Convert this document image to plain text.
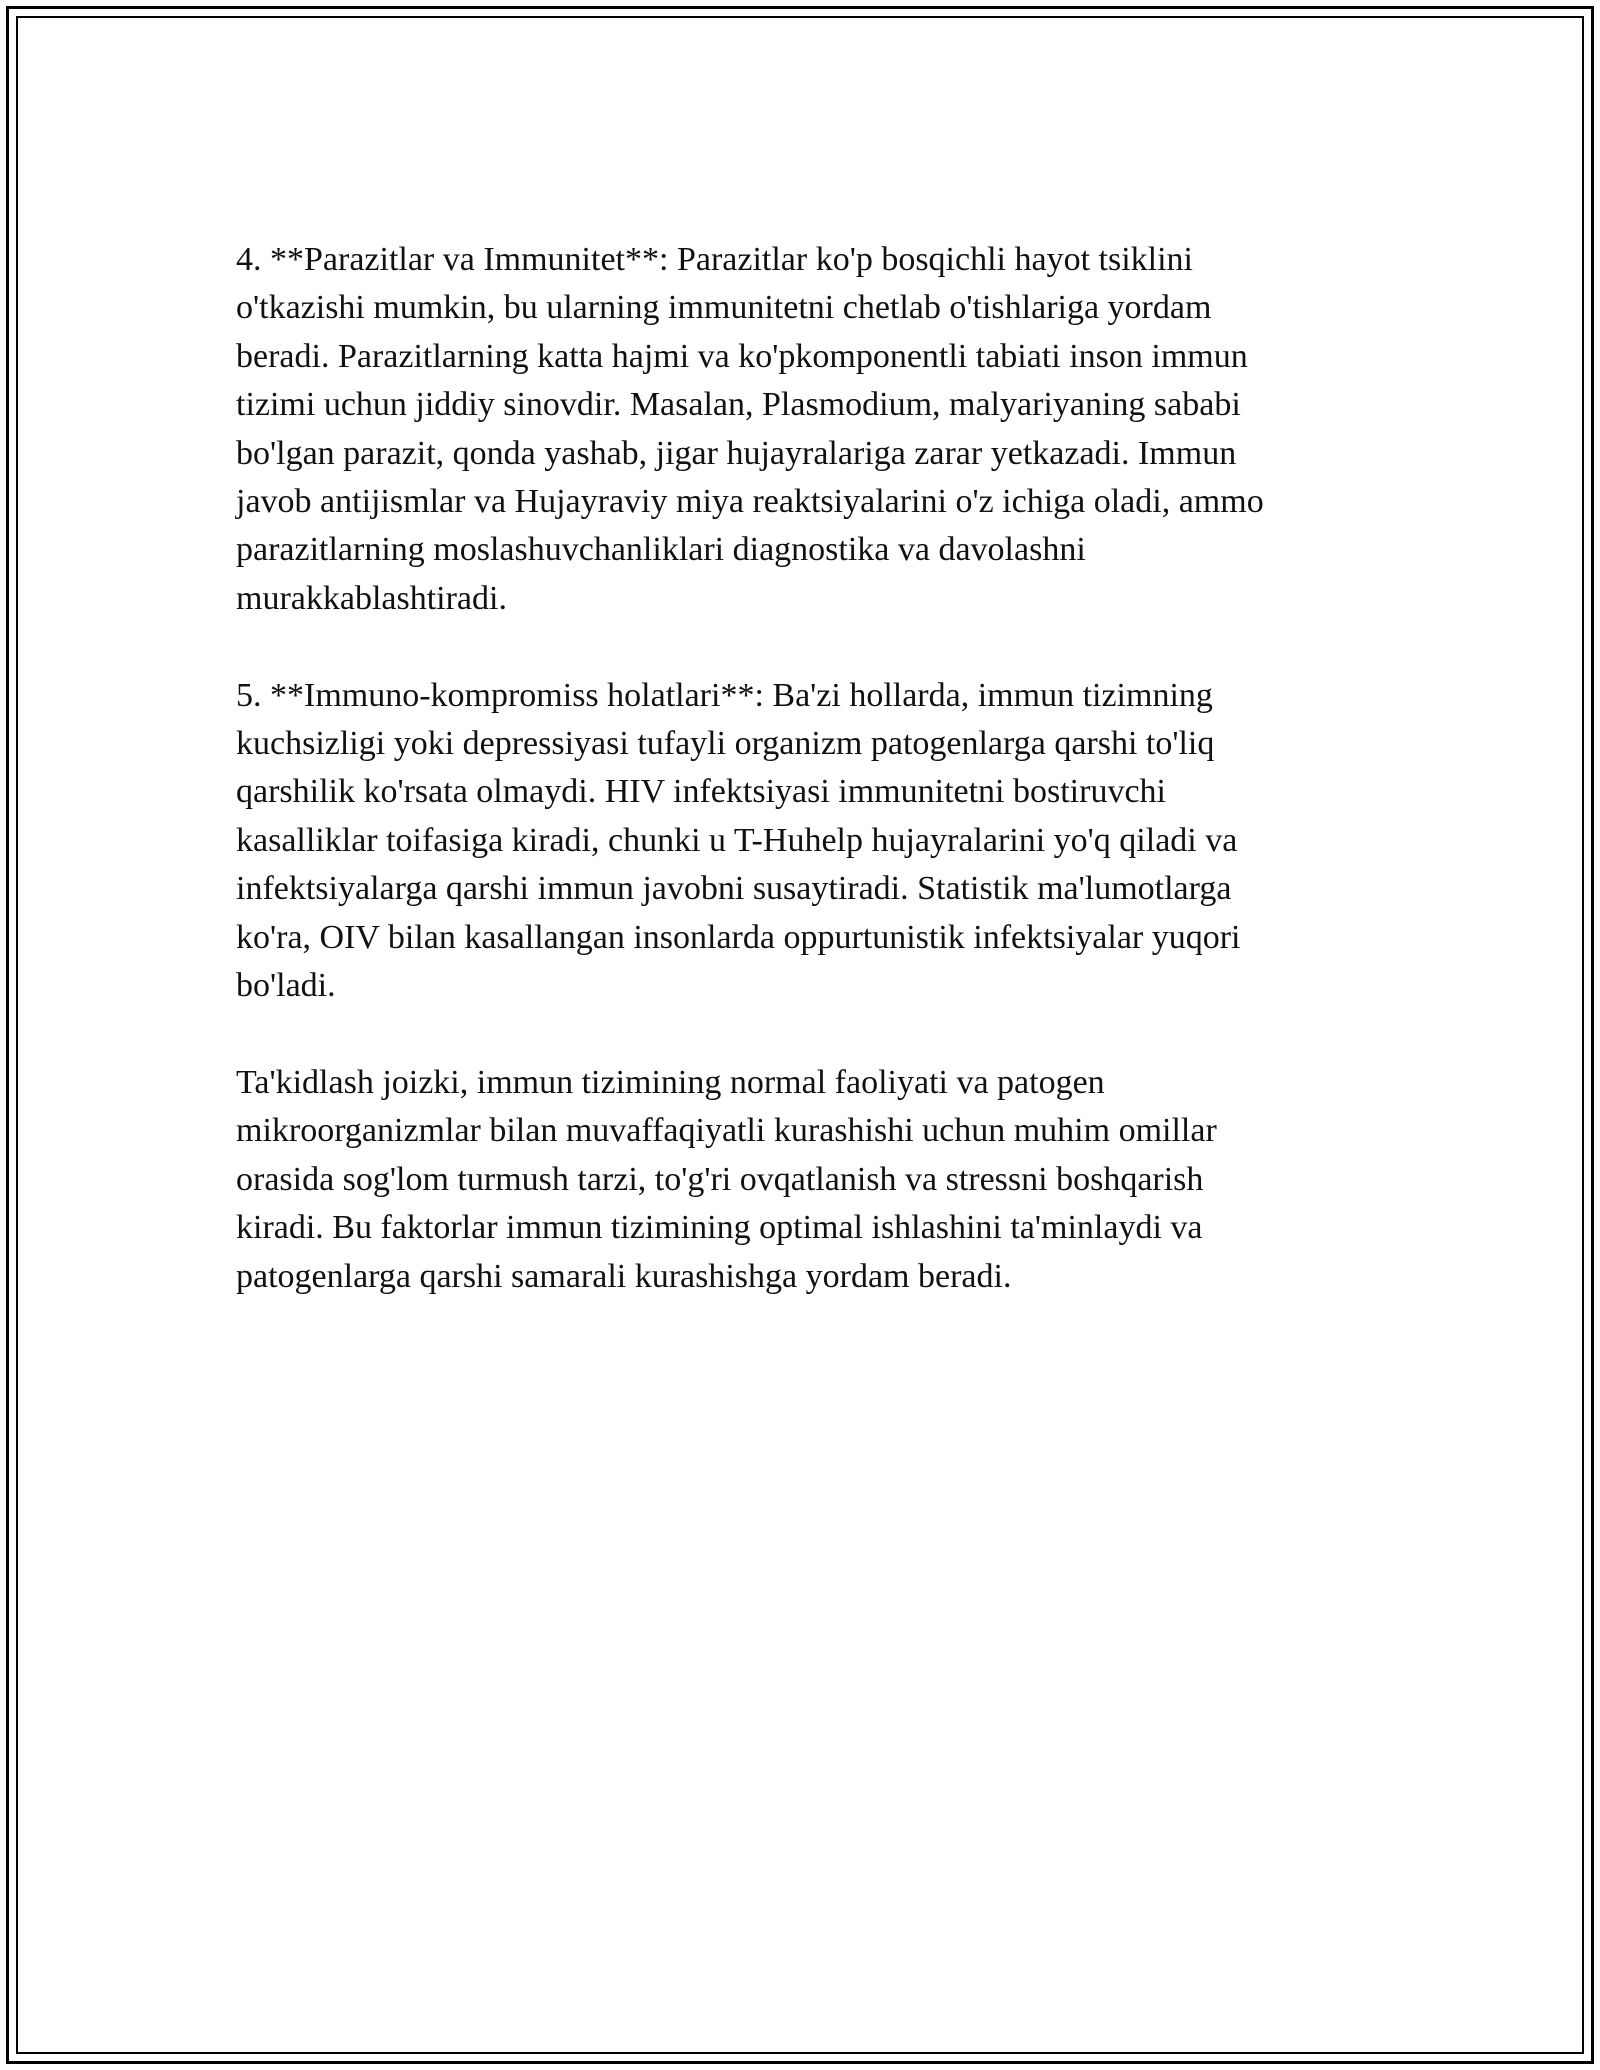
4. **Parazitlar va Immunitet**: Parazitlar ko'p bosqichli hayot tsiklini
o'tkazishi mumkin, bu ularning immunitetni chetlab o'tishlariga yordam
beradi. Parazitlarning katta hajmi va ko'pkomponentli tabiati inson immun
tizimi uchun jiddiy sinovdir. Masalan, Plasmodium, malyariyaning sababi
bo'lgan parazit, qonda yashab, jigar hujayralariga zarar yetkazadi. Immun
javob antijismlar va Hujayraviy miya reaktsiyalarini o'z ichiga oladi, ammo
parazitlarning moslashuvchanliklari diagnostika va davolashni
murakkablashtiradi.

5. **Immuno-kompromiss holatlari**: Ba'zi hollarda, immun tizimning
kuchsizligi yoki depressiyasi tufayli organizm patogenlarga qarshi to'liq
qarshilik ko'rsata olmaydi. HIV infektsiyasi immunitetni bostiruvchi
kasalliklar toifasiga kiradi, chunki u T-Huhelp hujayralarini yo'q qiladi va
infektsiyalarga qarshi immun javobni susaytiradi. Statistik ma'lumotlarga
ko'ra, OIV bilan kasallangan insonlarda oppurtunistik infektsiyalar yuqori
bo'ladi.

Ta'kidlash joizki, immun tizimining normal faoliyati va patogen
mikroorganizmlar bilan muvaffaqiyatli kurashishi uchun muhim omillar
orasida sog'lom turmush tarzi, to'g'ri ovqatlanish va stressni boshqarish
kiradi. Bu faktorlar immun tizimining optimal ishlashini ta'minlaydi va
patogenlarga qarshi samarali kurashishga yordam beradi.
